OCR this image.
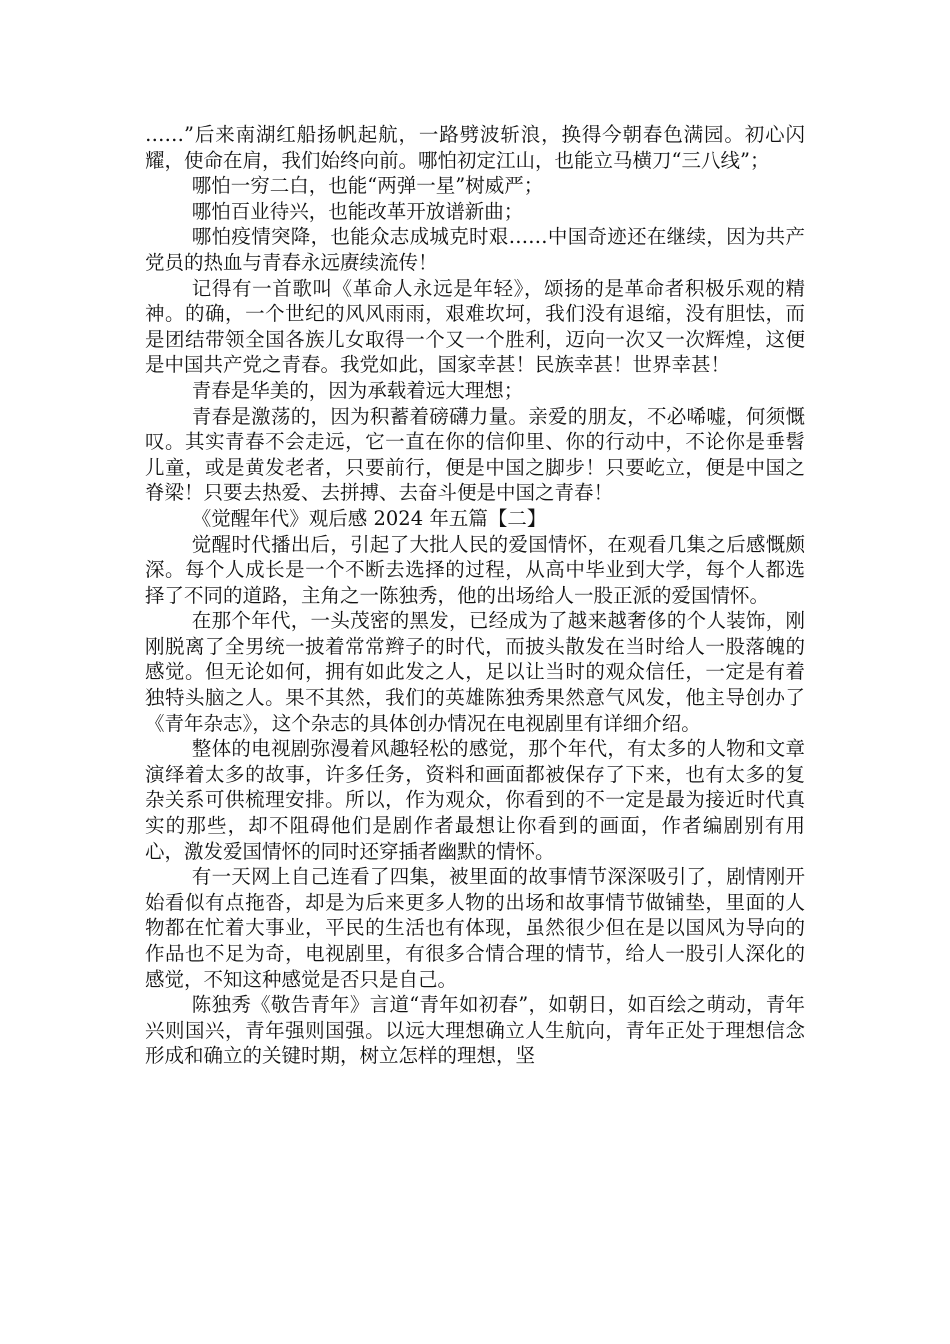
……”后来南湖红船扬帆起航，一路劈波斩浪，换得今朝春色满园。初心闪耀，使命在肩，我们始终向前。哪怕初定江山，也能立马横刀“三八线”；

哪怕一穷二白，也能“两弹一星”树威严；

哪怕百业待兴，也能改革开放谱新曲；

哪怕疫情突降，也能众志成城克时艰……中国奇迹还在继续，因为共产党员的热血与青春永远赓续流传！

记得有一首歌叫《革命人永远是年轻》，颂扬的是革命者积极乐观的精神。的确，一个世纪的风风雨雨，艰难坎坷，我们没有退缩，没有胆怯，而是团结带领全国各族儿女取得一个又一个胜利，迈向一次又一次辉煌，这便是中国共产党之青春。我党如此，国家幸甚！民族幸甚！世界幸甚！

青春是华美的，因为承载着远大理想；

青春是激荡的，因为积蓄着磅礴力量。亲爱的朋友，不必唏嘘，何须慨叹。其实青春不会走远，它一直在你的信仰里、你的行动中，不论你是垂髫儿童，或是黄发老者，只要前行，便是中国之脚步！只要屹立，便是中国之脊梁！只要去热爱、去拼搏、去奋斗便是中国之青春！

《觉醒年代》观后感 2024 年五篇【二】

觉醒时代播出后，引起了大批人民的爱国情怀，在观看几集之后感慨颇深。每个人成长是一个不断去选择的过程，从高中毕业到大学，每个人都选择了不同的道路，主角之一陈独秀，他的出场给人一股正派的爱国情怀。

在那个年代，一头茂密的黑发，已经成为了越来越奢侈的个人装饰，刚刚脱离了全男统一披着常常辫子的时代，而披头散发在当时给人一股落魄的感觉。但无论如何，拥有如此发之人，足以让当时的观众信任，一定是有着独特头脑之人。果不其然，我们的英雄陈独秀果然意气风发，他主导创办了《青年杂志》，这个杂志的具体创办情况在电视剧里有详细介绍。

整体的电视剧弥漫着风趣轻松的感觉，那个年代，有太多的人物和文章演绎着太多的故事，许多任务，资料和画面都被保存了下来，也有太多的复杂关系可供梳理安排。所以，作为观众，你看到的不一定是最为接近时代真实的那些，却不阻碍他们是剧作者最想让你看到的画面，作者编剧别有用心，激发爱国情怀的同时还穿插者幽默的情怀。

有一天网上自己连看了四集，被里面的故事情节深深吸引了，剧情刚开始看似有点拖沓，却是为后来更多人物的出场和故事情节做铺垫，里面的人物都在忙着大事业，平民的生活也有体现，虽然很少但在是以国风为导向的作品也不足为奇，电视剧里，有很多合情合理的情节，给人一股引人深化的感觉，不知这种感觉是否只是自己。

陈独秀《敬告青年》言道“青年如初春”，如朝日，如百绘之萌动，青年兴则国兴，青年强则国强。以远大理想确立人生航向，青年正处于理想信念形成和确立的关键时期，树立怎样的理想，坚
